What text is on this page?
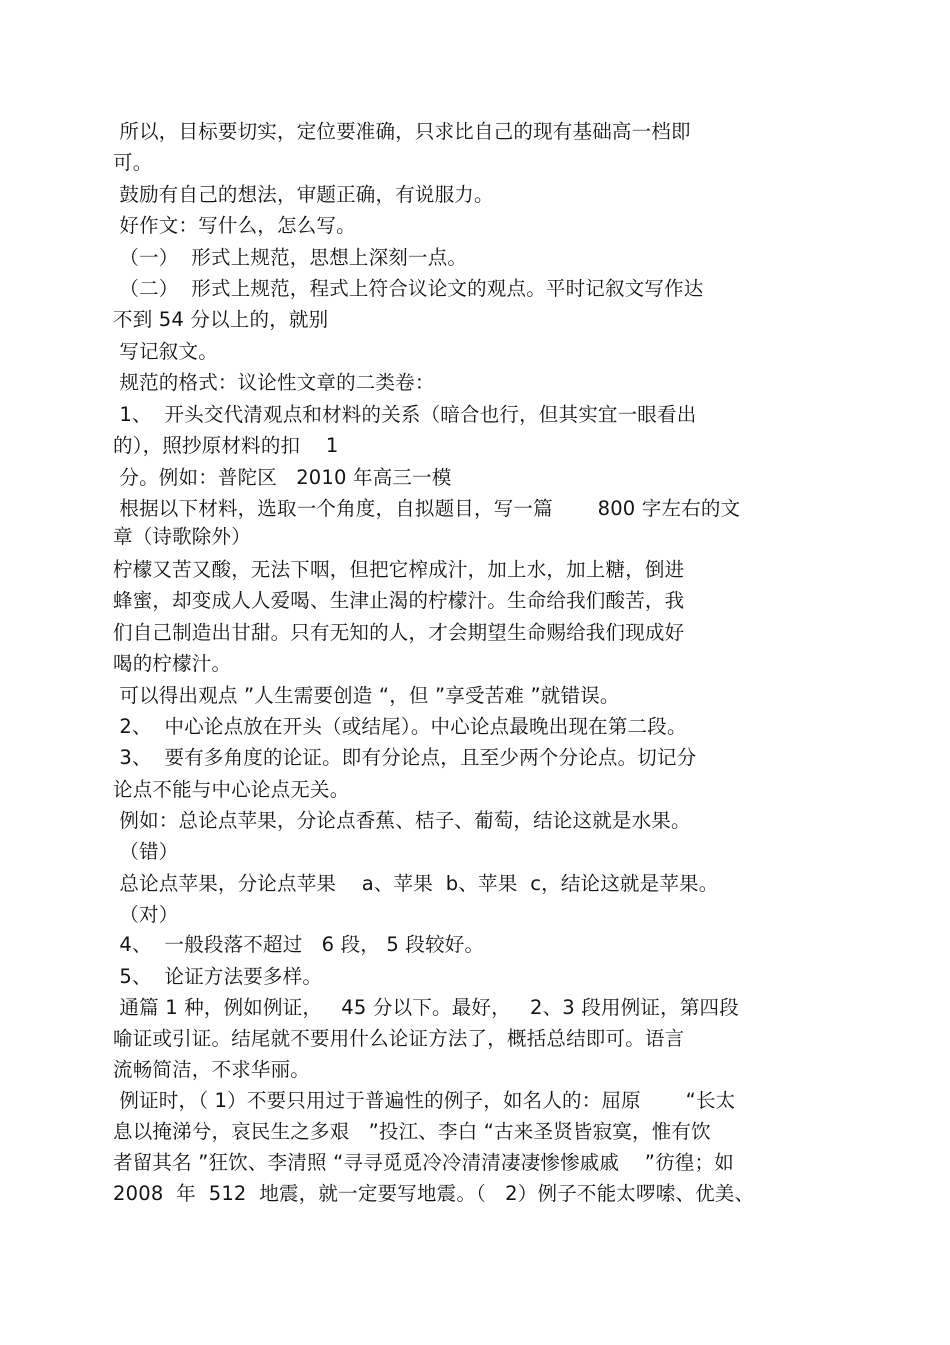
所以，目标要切实，定位要准确，只求比自己的现有基础高一档即
可。
鼓励有自己的想法，审题正确，有说服力。
好作文：写什么，怎么写。
（一）  形式上规范，思想上深刻一点。
（二）  形式上规范，程式上符合议论文的观点。平时记叙文写作达
不到 54 分以上的，就别
写记叙文。
规范的格式：议论性文章的二类卷：
1、  开头交代清观点和材料的关系（暗合也行，但其实宜一眼看出
的），照抄原材料的扣    1
分。例如：普陀区   2010 年高三一模
根据以下材料，选取一个角度，自拟题目，写一篇       800 字左右的文
章（诗歌除外）
柠檬又苦又酸，无法下咽，但把它榨成汁，加上水，加上糖，倒进
蜂蜜，却变成人人爱喝、生津止渴的柠檬汁。生命给我们酸苦，我
们自己制造出甘甜。只有无知的人，才会期望生命赐给我们现成好
喝的柠檬汁。
可以得出观点 ”人生需要创造 “，但 ”享受苦难 ”就错误。
2、  中心论点放在开头（或结尾）。中心论点最晚出现在第二段。
3、  要有多角度的论证。即有分论点，且至少两个分论点。切记分
论点不能与中心论点无关。
例如：总论点苹果，分论点香蕉、桔子、葡萄，结论这就是水果。
（错）
总论点苹果，分论点苹果    a、苹果  b、苹果  c，结论这就是苹果。
（对）
4、  一般段落不超过   6 段， 5 段较好。
5、  论证方法要多样。
通篇 1 种，例如例证，   45 分以下。最好，   2、3 段用例证，第四段
喻证或引证。结尾就不要用什么论证方法了，概括总结即可。语言
流畅简洁，不求华丽。
例证时，（ 1）不要只用过于普遍性的例子，如名人的：屈原       “长太
息以掩涕兮，哀民生之多艰   ”投江、李白 “古来圣贤皆寂寞，惟有饮
者留其名 ”狂饮、李清照 “寻寻觅觅冷冷清清凄凄惨惨戚戚    ”彷徨；如
2008  年  512  地震，就一定要写地震。（   2）例子不能太啰嗦、优美、
